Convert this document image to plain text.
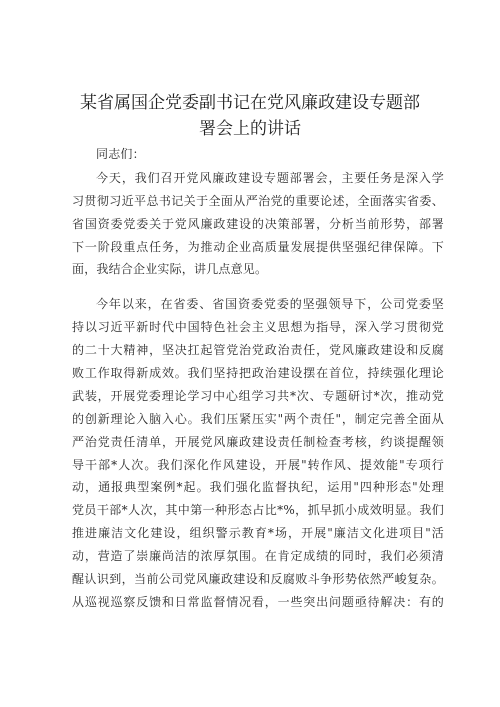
某省属国企党委副书记在党风廉政建设专题部
署会上的讲话
同志们：
今天，我们召开党风廉政建设专题部署会，主要任务是深入学
习贯彻习近平总书记关于全面从严治党的重要论述，全面落实省委、
省国资委党委关于党风廉政建设的决策部署，分析当前形势，部署
下一阶段重点任务，为推动企业高质量发展提供坚强纪律保障。下
面，我结合企业实际，讲几点意见。
今年以来，在省委、省国资委党委的坚强领导下，公司党委坚
持以习近平新时代中国特色社会主义思想为指导，深入学习贯彻党
的二十大精神，坚决扛起管党治党政治责任，党风廉政建设和反腐
败工作取得新成效。我们坚持把政治建设摆在首位，持续强化理论
武装，开展党委理论学习中心组学习共*次、专题研讨*次，推动党
的创新理论入脑入心。我们压紧压实"两个责任"，制定完善全面从
严治党责任清单，开展党风廉政建设责任制检查考核，约谈提醒领
导干部*人次。我们深化作风建设，开展"转作风、提效能"专项行
动，通报典型案例*起。我们强化监督执纪，运用"四种形态"处理
党员干部*人次，其中第一种形态占比*%，抓早抓小成效明显。我们
推进廉洁文化建设，组织警示教育*场，开展"廉洁文化进项目"活
动，营造了崇廉尚洁的浓厚氛围。在肯定成绩的同时，我们必须清
醒认识到，当前公司党风廉政建设和反腐败斗争形势依然严峻复杂。
从巡视巡察反馈和日常监督情况看，一些突出问题亟待解决：有的
